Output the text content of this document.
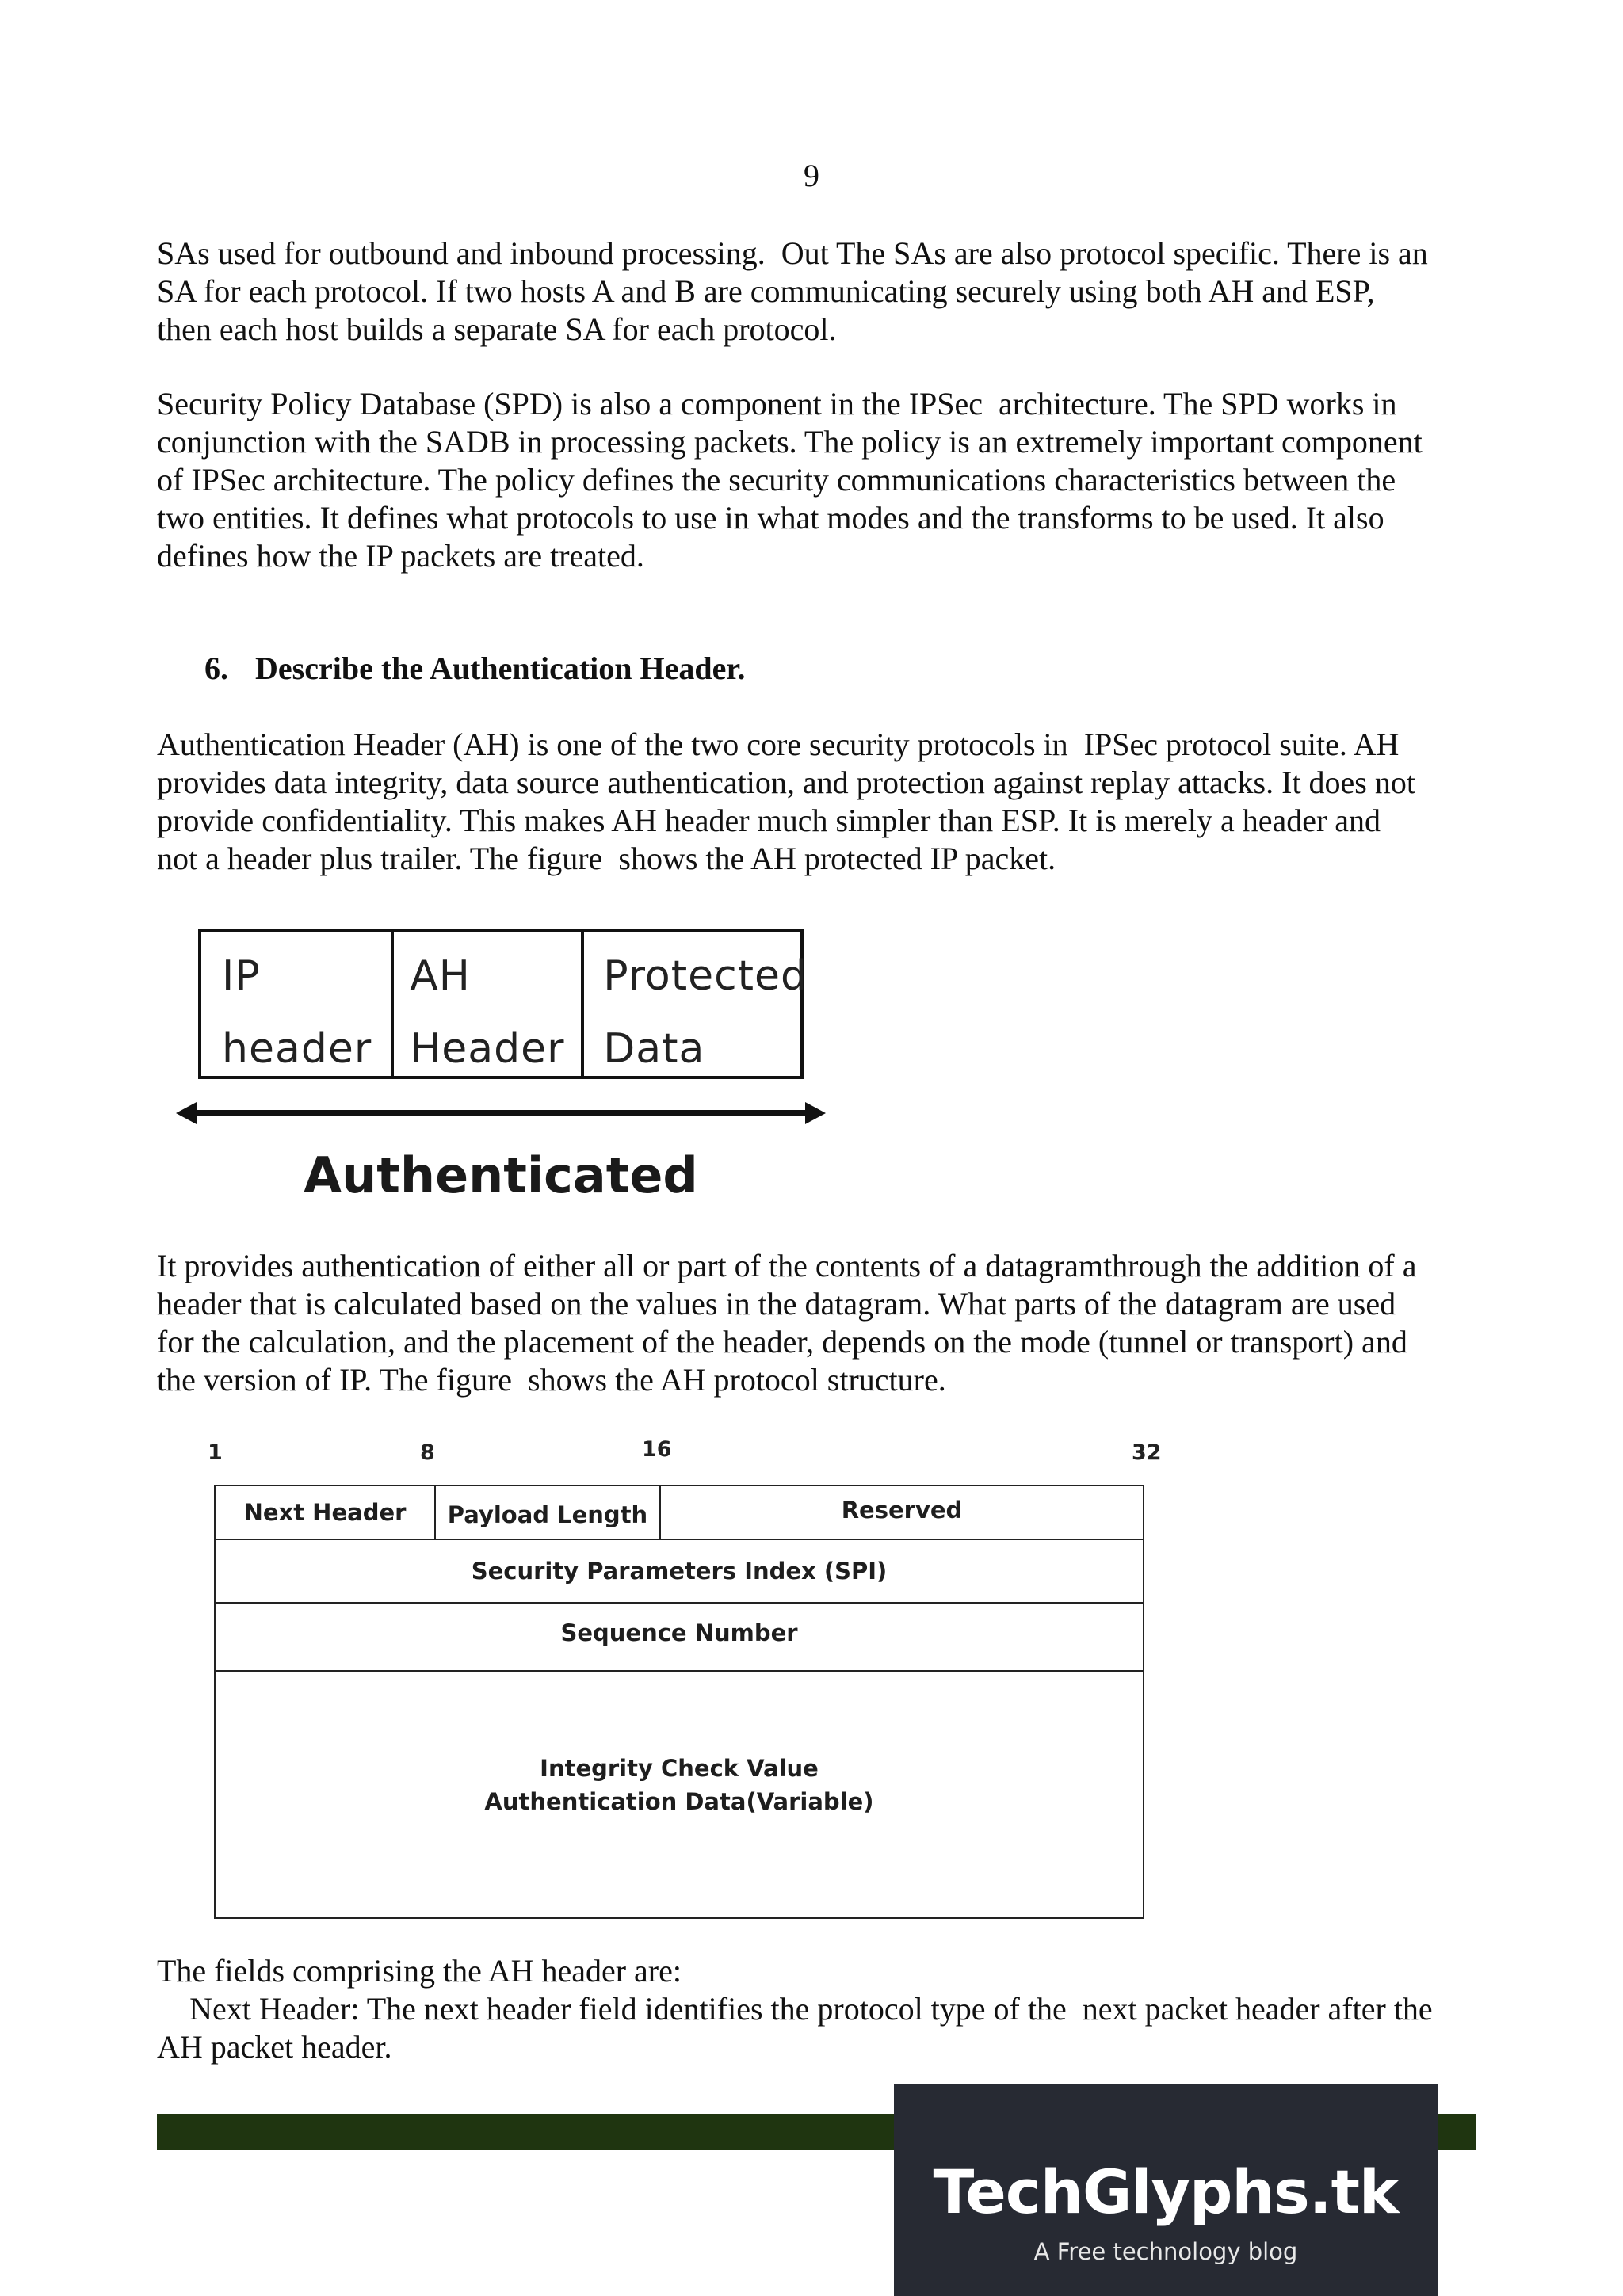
9
SAs used for outbound and inbound processing.  Out The SAs are also protocol specific. There is an
SA for each protocol. If two hosts A and B are communicating securely using both AH and ESP,
then each host builds a separate SA for each protocol.
Security Policy Database (SPD) is also a component in the IPSec  architecture. The SPD works in
conjunction with the SADB in processing packets. The policy is an extremely important component
of IPSec architecture. The policy defines the security communications characteristics between the
two entities. It defines what protocols to use in what modes and the transforms to be used. It also
defines how the IP packets are treated.
6. Describe the Authentication Header.
Authentication Header (AH) is one of the two core security protocols in  IPSec protocol suite. AH
provides data integrity, data source authentication, and protection against replay attacks. It does not
provide confidentiality. This makes AH header much simpler than ESP. It is merely a header and
not a header plus trailer. The figure  shows the AH protected IP packet.
IP
header
AH
Header
Protected
Data
Authenticated
It provides authentication of either all or part of the contents of a datagramthrough the addition of a
header that is calculated based on the values in the datagram. What parts of the datagram are used
for the calculation, and the placement of the header, depends on the mode (tunnel or transport) and
the version of IP. The figure  shows the AH protocol structure.
1	8	16	32
Next Header	Payload Length	Reserved
Security Parameters Index (SPI)
Sequence Number
Integrity Check Value
Authentication Data(Variable)
The fields comprising the AH header are:
Next Header: The next header field identifies the protocol type of the  next packet header after the
AH packet header.
TechGlyphs.tk
A Free technology blog
